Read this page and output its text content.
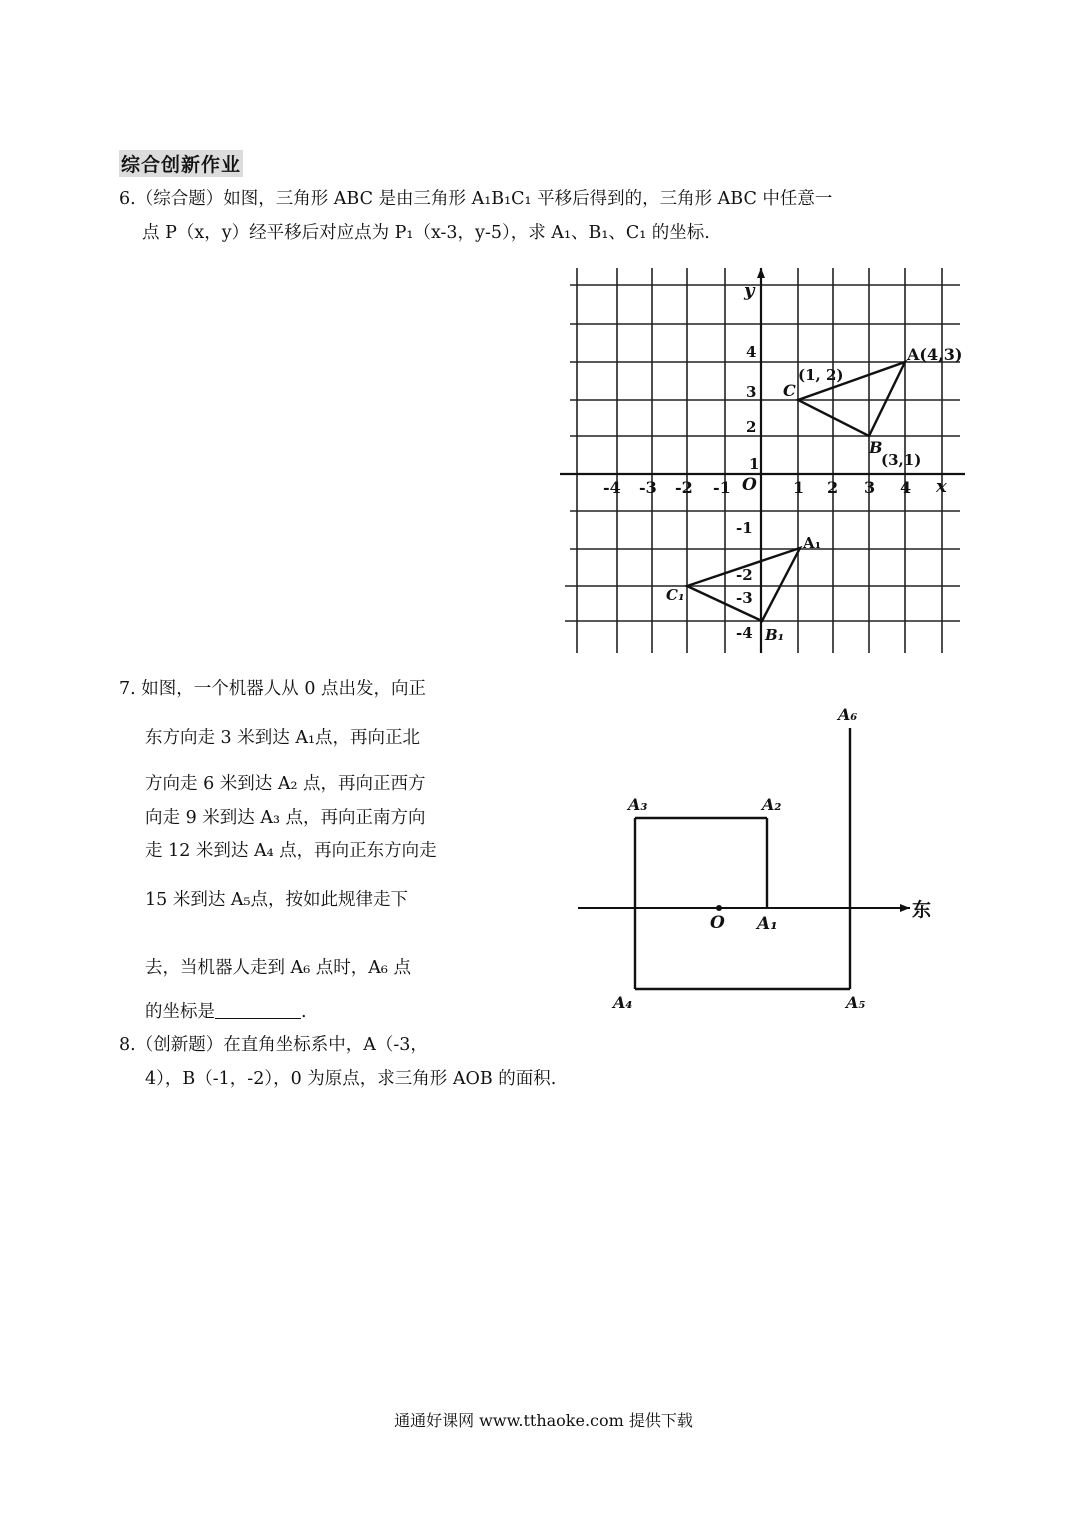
综合创新作业
6.（综合题）如图，三角形 ABC 是由三角形 A₁B₁C₁ 平移后得到的，三角形 ABC 中任意一
点 P（x，y）经平移后对应点为 P₁（x-3，y-5），求 A₁、B₁、C₁ 的坐标.
y
x
O
-4 -3 -2 -1	1 2 3 4
1
2
3
4
-1
-2
-3
-4
A(4,3)
C
(1, 2)
B
(3,1)
A₁
C₁
B₁
7. 如图，一个机器人从 0 点出发，向正
东方向走 3 米到达 A₁点，再向正北
方向走 6 米到达 A₂ 点，再向正西方
向走 9 米到达 A₃ 点，再向正南方向
走 12 米到达 A₄ 点，再向正东方向走
15 米到达 A₅点，按如此规律走下
去，当机器人走到 A₆ 点时，A₆ 点
的坐标是	.
东
O A₁
A₂
A₃
A₄	A₅
A₆
8.（创新题）在直角坐标系中，A（-3，
4），B（-1，-2），0 为原点，求三角形 AOB 的面积.
通通好课网 www.tthaoke.com 提供下载
